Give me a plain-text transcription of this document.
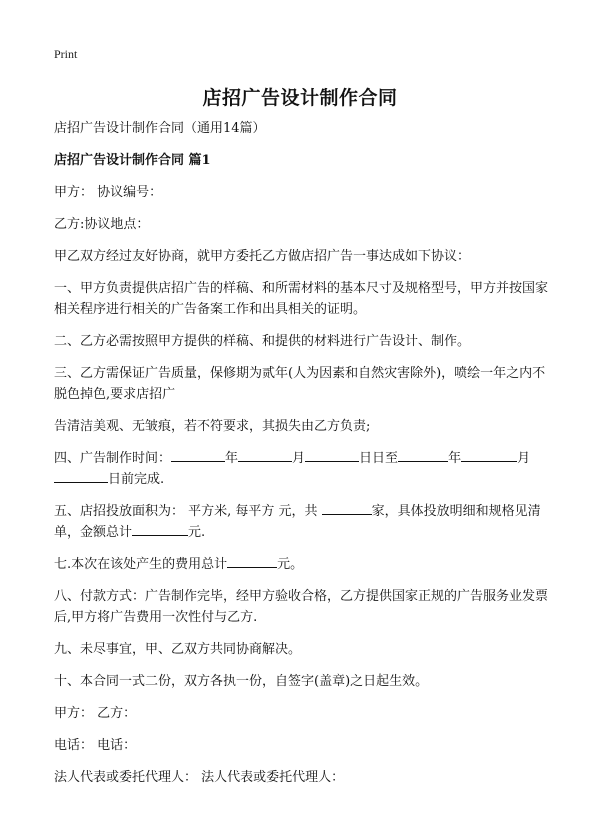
Print
店招广告设计制作合同
店招广告设计制作合同（通用14篇）
店招广告设计制作合同 篇1
甲方： 协议编号：
乙方:协议地点：
甲乙双方经过友好协商，就甲方委托乙方做店招广告一事达成如下协议：
一、甲方负责提供店招广告的样稿、和所需材料的基本尺寸及规格型号，甲方并按国家相关程序进行相关的广告备案工作和出具相关的证明。
二、乙方必需按照甲方提供的样稿、和提供的材料进行广告设计、制作。
三、乙方需保证广告质量，保修期为贰年(人为因素和自然灾害除外)，喷绘一年之内不脱色掉色,要求店招广
告清洁美观、无皱痕，若不符要求，其损失由乙方负责;
四、广告制作时间：	年	月	日日至	年	月
日前完成.
五、店招投放面积为： 平方米, 每平方 元，共	家，具体投放明细和规格见清单，金额总计	元.
七.本次在该处产生的费用总计	元。
八、付款方式：广告制作完毕，经甲方验收合格，乙方提供国家正规的广告服务业发票后,甲方将广告费用一次性付与乙方.
九、未尽事宜，甲、乙双方共同协商解决。
十、本合同一式二份，双方各执一份，自签字(盖章)之日起生效。
甲方： 乙方：
电话： 电话：
法人代表或委托代理人： 法人代表或委托代理人：
